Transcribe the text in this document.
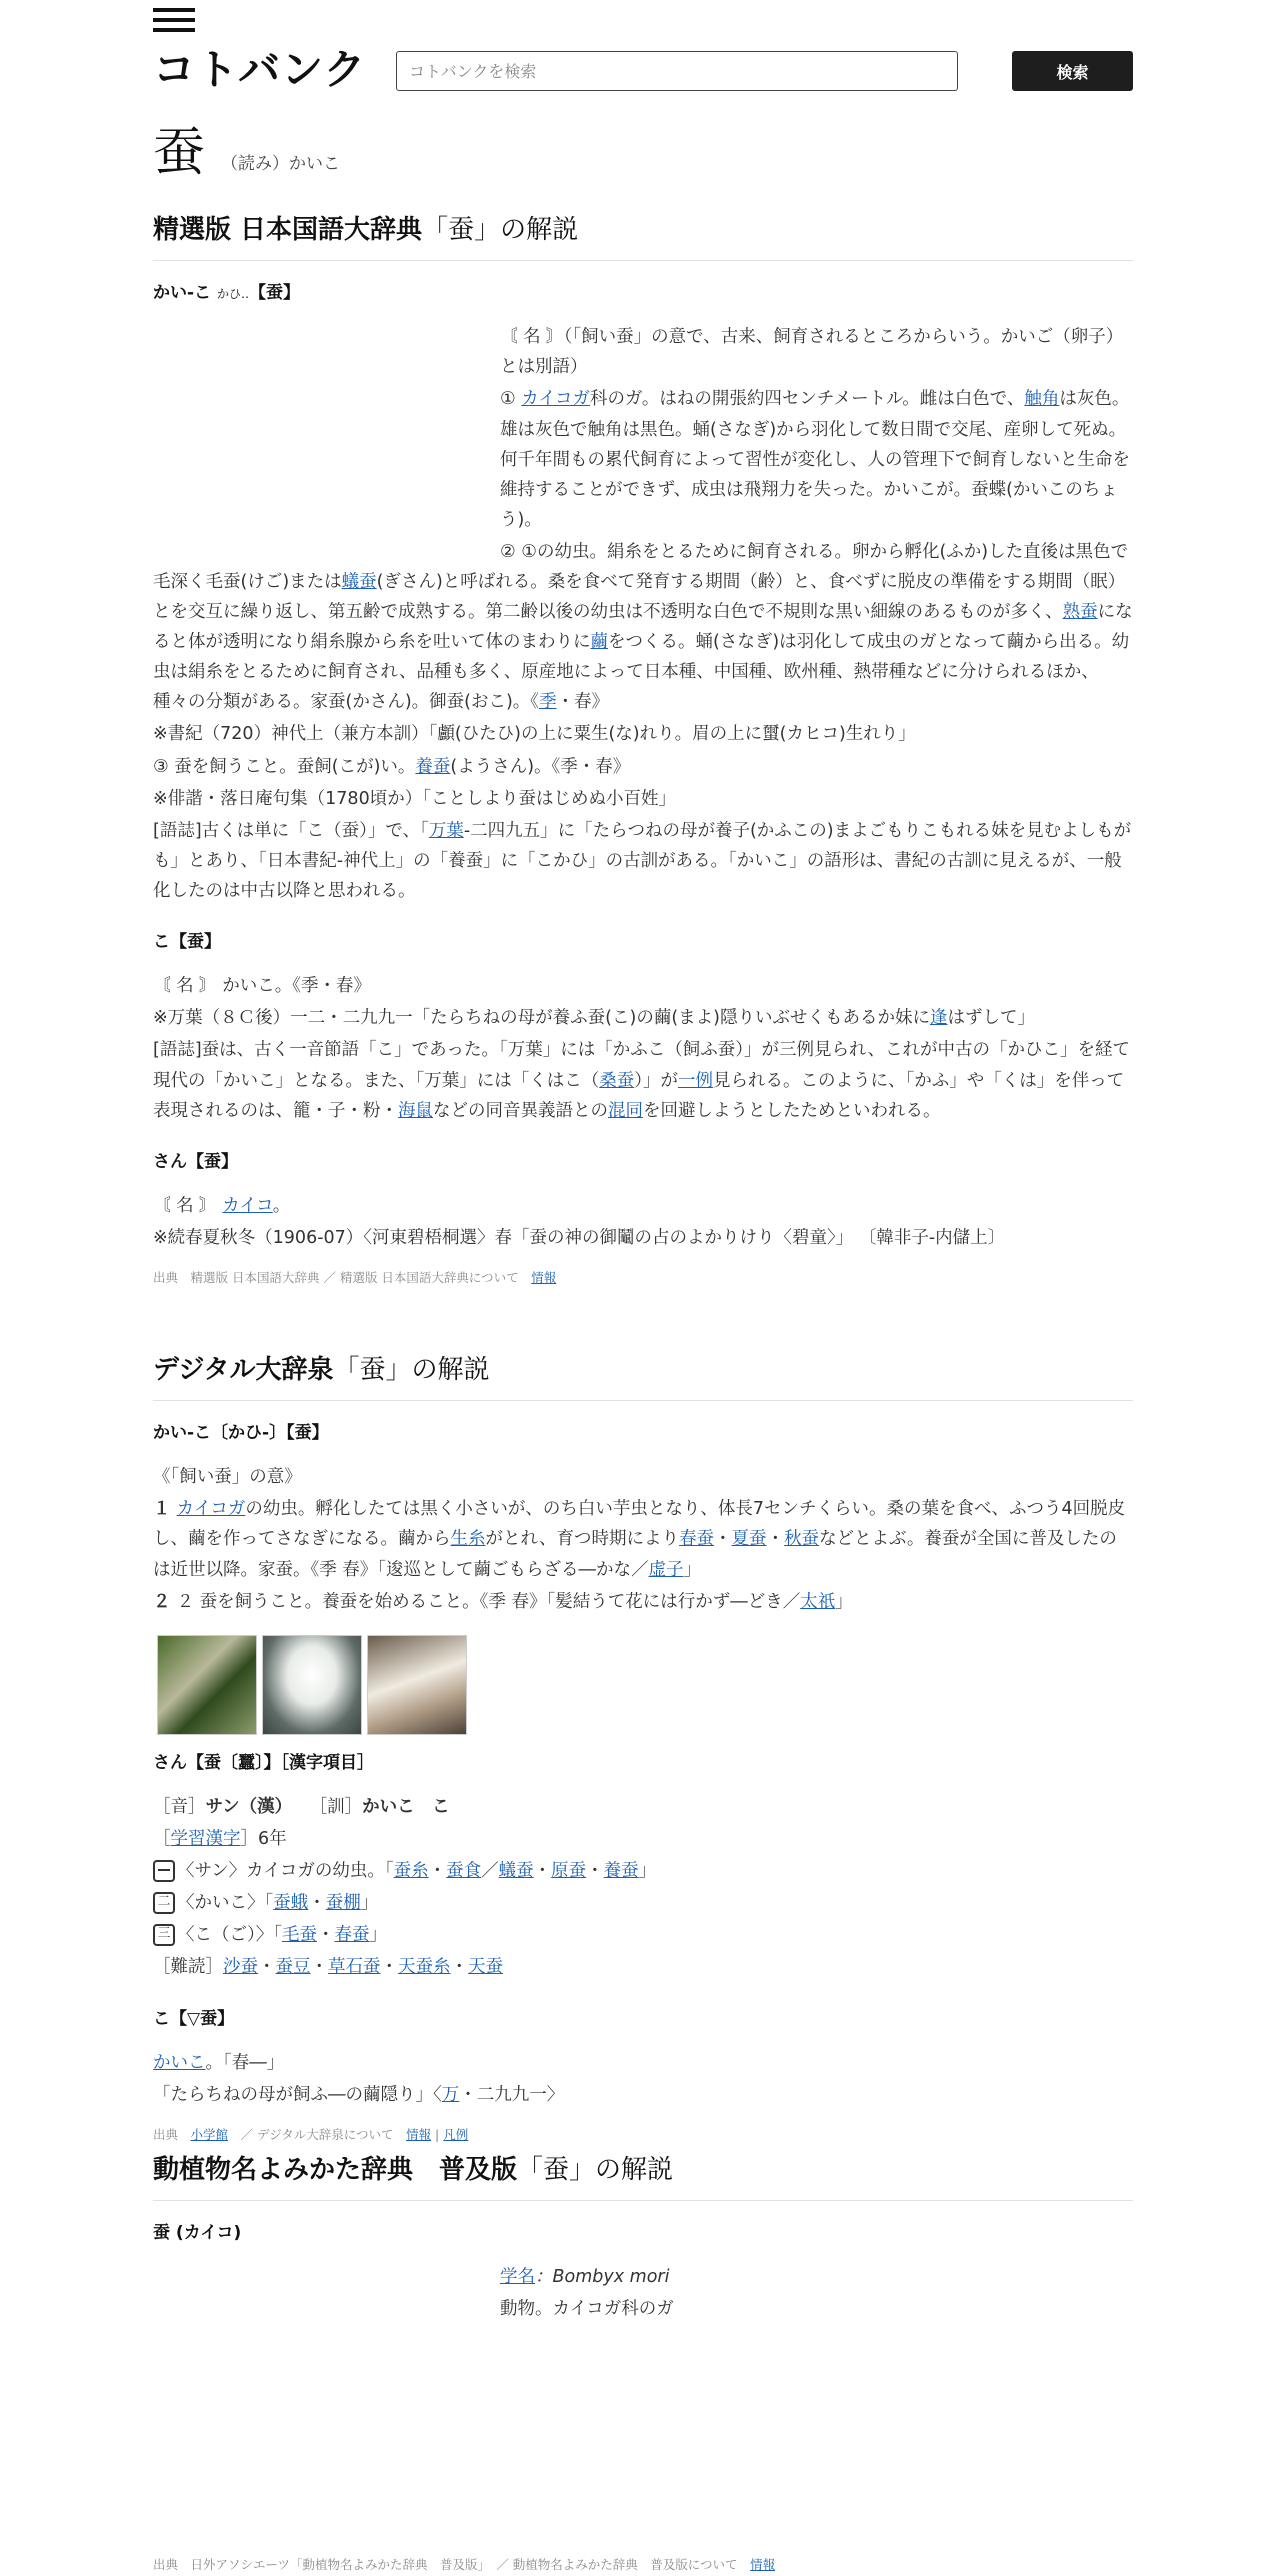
コトバンク
コトバンクを検索	検索
蚕 （読み）かいこ
精選版 日本国語大辞典「蚕」の解説
かい‐こ かひ‥【蚕】
〘 名 〙（「飼い蚕」の意で、古来、飼育されるところからいう。かいご（卵子）とは別語）
① カイコガ科のガ。はねの開張約四センチメートル。雌は白色で、触角は灰色。雄は灰色で触角は黒色。蛹(さなぎ)から羽化して数日間で交尾、産卵して死ぬ。何千年間もの累代飼育によって習性が変化し、人の管理下で飼育しないと生命を維持することができず、成虫は飛翔力を失った。かいこが。蚕蝶(かいこのちょう)。
② ①の幼虫。絹糸をとるために飼育される。卵から孵化(ふか)した直後は黒色で毛深く毛蚕(けご)または蟻蚕(ぎさん)と呼ばれる。桑を食べて発育する期間（齢）と、食べずに脱皮の準備をする期間（眠）とを交互に繰り返し、第五齢で成熟する。第二齢以後の幼虫は不透明な白色で不規則な黒い細線のあるものが多く、熟蚕になると体が透明になり絹糸腺から糸を吐いて体のまわりに繭をつくる。蛹(さなぎ)は羽化して成虫のガとなって繭から出る。幼虫は絹糸をとるために飼育され、品種も多く、原産地によって日本種、中国種、欧州種、熱帯種などに分けられるほか、種々の分類がある。家蚕(かさん)。御蚕(おこ)。《季・春》
※書紀（720）神代上（兼方本訓）「顱(ひたひ)の上に粟生(な)れり。眉の上に蠒(カヒコ)生れり」
③ 蚕を飼うこと。蚕飼(こが)い。養蚕(ようさん)。《季・春》
※俳諧・落日庵句集（1780頃か）「ことしより蚕はじめぬ小百姓」
[語誌]古くは単に「こ（蚕）」で、「万葉‐二四九五」に「たらつねの母が養子(かふこの)まよごもりこもれる妹を見むよしもがも」とあり、「日本書紀‐神代上」の「養蚕」に「こかひ」の古訓がある。「かいこ」の語形は、書紀の古訓に見えるが、一般化したのは中古以降と思われる。
こ【蚕】
〘 名 〙 かいこ。《季・春》
※万葉（８Ｃ後）一二・二九九一「たらちねの母が養ふ蚕(こ)の繭(まよ)隠りいぶせくもあるか妹に逢はずして」
[語誌]蚕は、古く一音節語「こ」であった。「万葉」には「かふこ（飼ふ蚕）」が三例見られ、これが中古の「かひこ」を経て現代の「かいこ」となる。また、「万葉」には「くはこ（桑蚕）」が一例見られる。このように、「かふ」や「くは」を伴って表現されるのは、籠・子・粉・海鼠などの同音異義語との混同を回避しようとしたためといわれる。
さん【蚕】
〘 名 〙 カイコ。
※続春夏秋冬（1906‐07）〈河東碧梧桐選〉春「蚕の神の御鬮の占のよかりけり〈碧童〉」 〔韓非子‐内儲上〕
出典　 精選版 日本国語大辞典 ／ 精選版 日本国語大辞典について　 情報
デジタル大辞泉「蚕」の解説
かい‐こ〔かひ‐〕【蚕】
《「飼い蚕」の意》
１ カイコガの幼虫。孵化したては黒く小さいが、のち白い芋虫となり、体長7センチくらい。桑の葉を食べ、ふつう4回脱皮し、繭を作ってさなぎになる。繭から生糸がとれ、育つ時期により春蚕・夏蚕・秋蚕などとよぶ。養蚕が全国に普及したのは近世以降。家蚕。《季 春》「逡巡として繭ごもらざる―かな／虚子」
２ ２ 蚕を飼うこと。養蚕を始めること。《季 春》「髪結うて花には行かず―どき／太祇」
さん【蚕〔蠶〕】［漢字項目］
［音］サン（漢）　　 ［訓］かいこ　こ
［学習漢字］6年
〈サン〉カイコガの幼虫。「蚕糸・蚕食／蟻蚕・原蚕・養蚕」
二 〈かいこ〉「蚕蛾・蚕棚」
三 〈こ（ご）〉「毛蚕・春蚕」
［難読］沙蚕・蚕豆・草石蚕・天蚕糸・天蚕
こ【▽蚕】
かいこ。「春―」
「たらちねの母が飼ふ―の繭隠り」〈万・二九九一〉
出典　 小学館　 ／ デジタル大辞泉について　 情報 | 凡例
動植物名よみかた辞典　普及版「蚕」の解説
蚕 (カイコ)
学名：Bombyx mori
動物。カイコガ科のガ
出典　 日外アソシエーツ「動植物名よみかた辞典　普及版」　 ／ 動植物名よみかた辞典　普及版について　 情報
